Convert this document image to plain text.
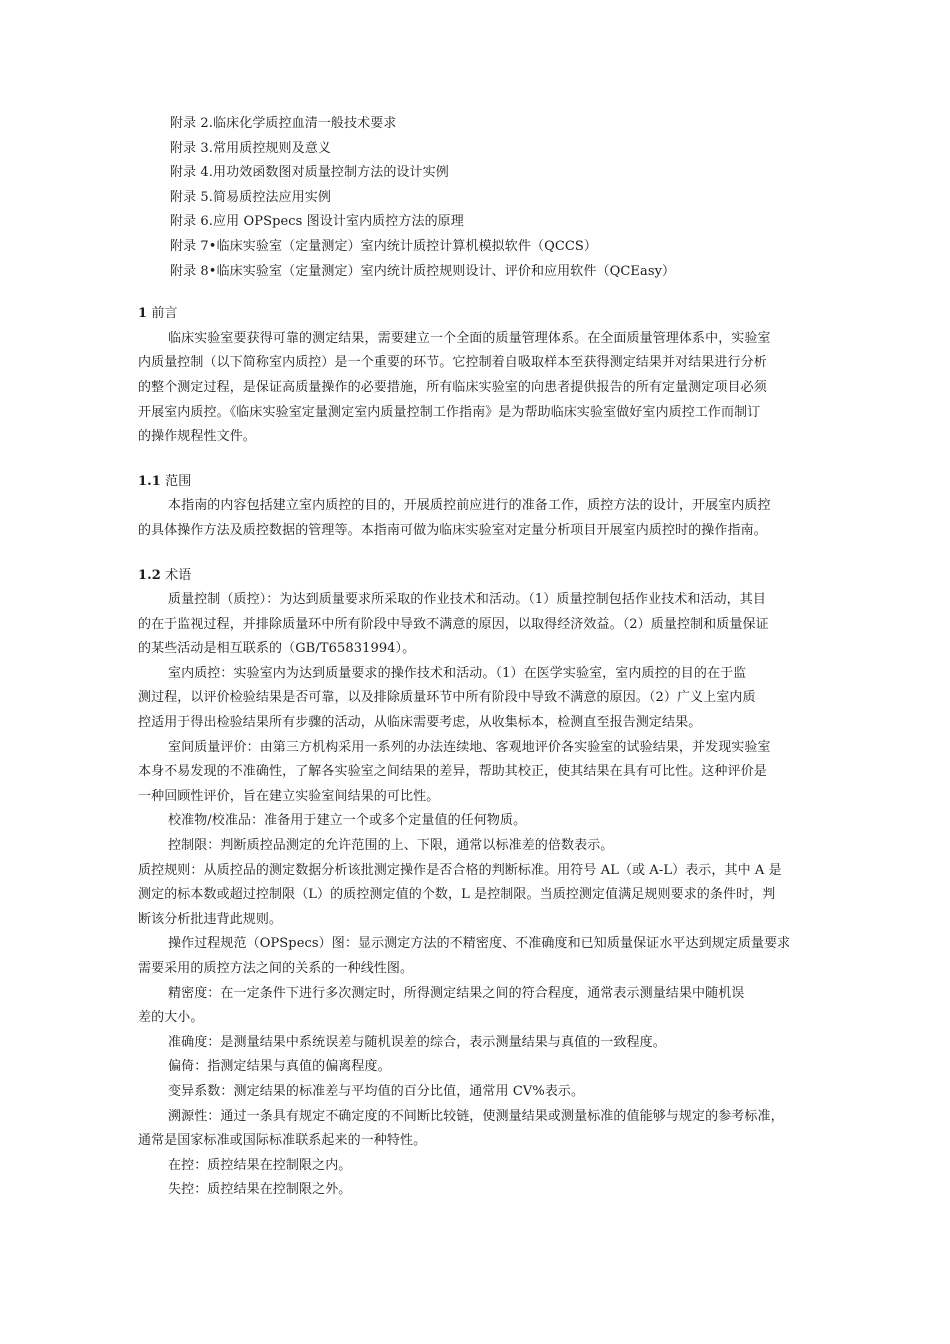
附录 2.临床化学质控血清一般技术要求
附录 3.常用质控规则及意义
附录 4.用功效函数图对质量控制方法的设计实例
附录 5.简易质控法应用实例
附录 6.应用 OPSpecs 图设计室内质控方法的原理
附录 7•临床实验室（定量测定）室内统计质控计算机模拟软件（QCCS）
附录 8•临床实验室（定量测定）室内统计质控规则设计、评价和应用软件（QCEasy）
1 前言
临床实验室要获得可靠的测定结果，需要建立一个全面的质量管理体系。在全面质量管理体系中，实验室
内质量控制（以下简称室内质控）是一个重要的环节。它控制着自吸取样本至获得测定结果并对结果进行分析
的整个测定过程，是保证高质量操作的必要措施，所有临床实验室的向患者提供报告的所有定量测定项目必须
开展室内质控。《临床实验室定量测定室内质量控制工作指南》是为帮助临床实验室做好室内质控工作而制订
的操作规程性文件。
1.1 范围
本指南的内容包括建立室内质控的目的，开展质控前应进行的准备工作，质控方法的设计，开展室内质控
的具体操作方法及质控数据的管理等。本指南可做为临床实验室对定量分析项目开展室内质控时的操作指南。
1.2 术语
质量控制（质控）：为达到质量要求所采取的作业技术和活动。（1）质量控制包括作业技术和活动，其目
的在于监视过程，并排除质量环中所有阶段中导致不满意的原因，以取得经济效益。（2）质量控制和质量保证
的某些活动是相互联系的（GB/T65831994）。
室内质控：实验室内为达到质量要求的操作技术和活动。（1）在医学实验室，室内质控的目的在于监
测过程，以评价检验结果是否可靠，以及排除质量环节中所有阶段中导致不满意的原因。（2）广义上室内质
控适用于得出检验结果所有步骤的活动，从临床需要考虑，从收集标本，检测直至报告测定结果。
室间质量评价：由第三方机构采用一系列的办法连续地、客观地评价各实验室的试验结果，并发现实验室
本身不易发现的不准确性，了解各实验室之间结果的差异，帮助其校正，使其结果在具有可比性。这种评价是
一种回顾性评价，旨在建立实验室间结果的可比性。
校准物/校准品：准备用于建立一个或多个定量值的任何物质。
控制限：判断质控品测定的允许范围的上、下限，通常以标准差的倍数表示。
质控规则：从质控品的测定数据分析该批测定操作是否合格的判断标准。用符号 AL（或 A-L）表示，其中 A 是
测定的标本数或超过控制限（L）的质控测定值的个数，L 是控制限。当质控测定值满足规则要求的条件时，判
断该分析批违背此规则。
操作过程规范（OPSpecs）图：显示测定方法的不精密度、不准确度和已知质量保证水平达到规定质量要求
需要采用的质控方法之间的关系的一种线性图。
精密度：在一定条件下进行多次测定时，所得测定结果之间的符合程度，通常表示测量结果中随机误
差的大小。
准确度：是测量结果中系统误差与随机误差的综合，表示测量结果与真值的一致程度。
偏倚：指测定结果与真值的偏离程度。
变异系数：测定结果的标准差与平均值的百分比值，通常用 CV%表示。
溯源性：通过一条具有规定不确定度的不间断比较链，使测量结果或测量标准的值能够与规定的参考标准，
通常是国家标准或国际标准联系起来的一种特性。
在控：质控结果在控制限之内。
失控：质控结果在控制限之外。
